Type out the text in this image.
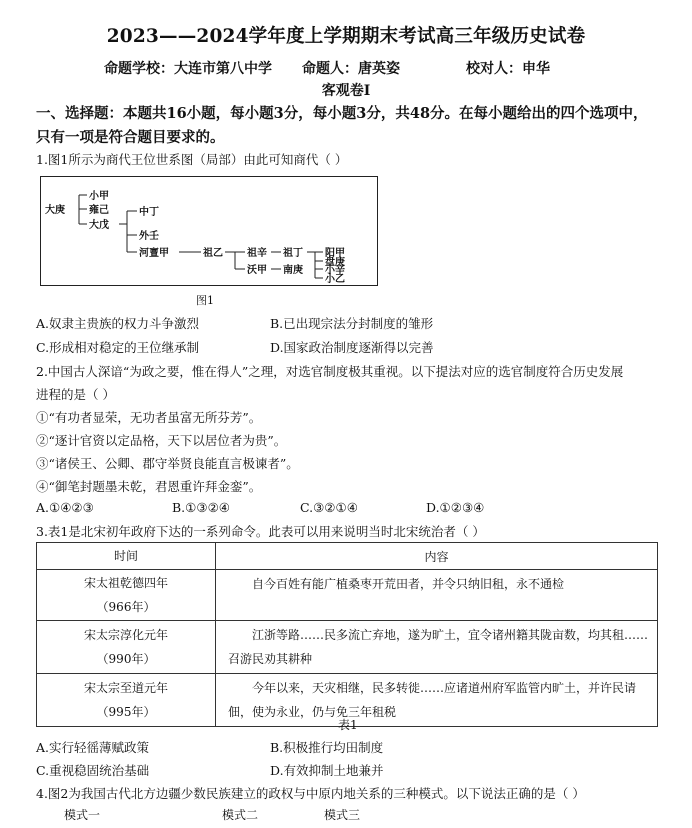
2023——2024学年度上学期期末考试高三年级历史试卷
命题学校：大连市第八中学 命题人：唐英姿	校对人：申华
客观卷Ⅰ
一、选择题：本题共16小题，每小题3分，每小题3分，共48分。在每小题给出的四个选项中，只有一项是符合题目要求的。
1.图1所示为商代王位世系图（局部）由此可知商代（ ）
大庚
小甲
雍己
大戊
中丁
外壬
河亶甲	祖乙 祖辛
沃甲
祖丁
南庚
阳甲
盘庚
小辛
小乙
图1
A.奴隶主贵族的权力斗争激烈	B.已出现宗法分封制度的雏形
C.形成相对稳定的王位继承制	D.国家政治制度逐渐得以完善
2.中国古人深谙“为政之要，惟在得人”之理，对选官制度极其重视。以下提法对应的选官制度符合历史发展
进程的是（ ）
①“有功者显荣，无功者虽富无所芬芳”。
②“逐计官资以定品格，天下以居位者为贵”。
③“诸侯王、公卿、郡守举贤良能直言极谏者”。
④“御笔封题墨未乾，君恩重许拜金銮”。
A.①④②③	B.①③②④	C.③②①④	D.①②③④
3.表1是北宋初年政府下达的一系列命令。此表可以用来说明当时北宋统治者（ ）
时间	内容

宋太祖乾德四年
（966年）	自今百姓有能广植桑枣开荒田者，并令只纳旧租，永不通检

宋太宗淳化元年
（990年）	江浙等路……民多流亡弃地，遂为旷土，宜令诸州籍其陇亩数，均其租……召游民劝其耕种

宋太宗至道元年
（995年）	今年以来，天灾相继，民多转徙……应诸道州府军监管内旷土，并许民请佃，使为永业，仍与免三年租税
表1
A.实行轻徭薄赋政策	B.积极推行均田制度
C.重视稳固统治基础	D.有效抑制土地兼并
4.图2为我国古代北方边疆少数民族建立的政权与中原内地关系的三种模式。以下说法正确的是（ ）
模式一	模式二	模式三
